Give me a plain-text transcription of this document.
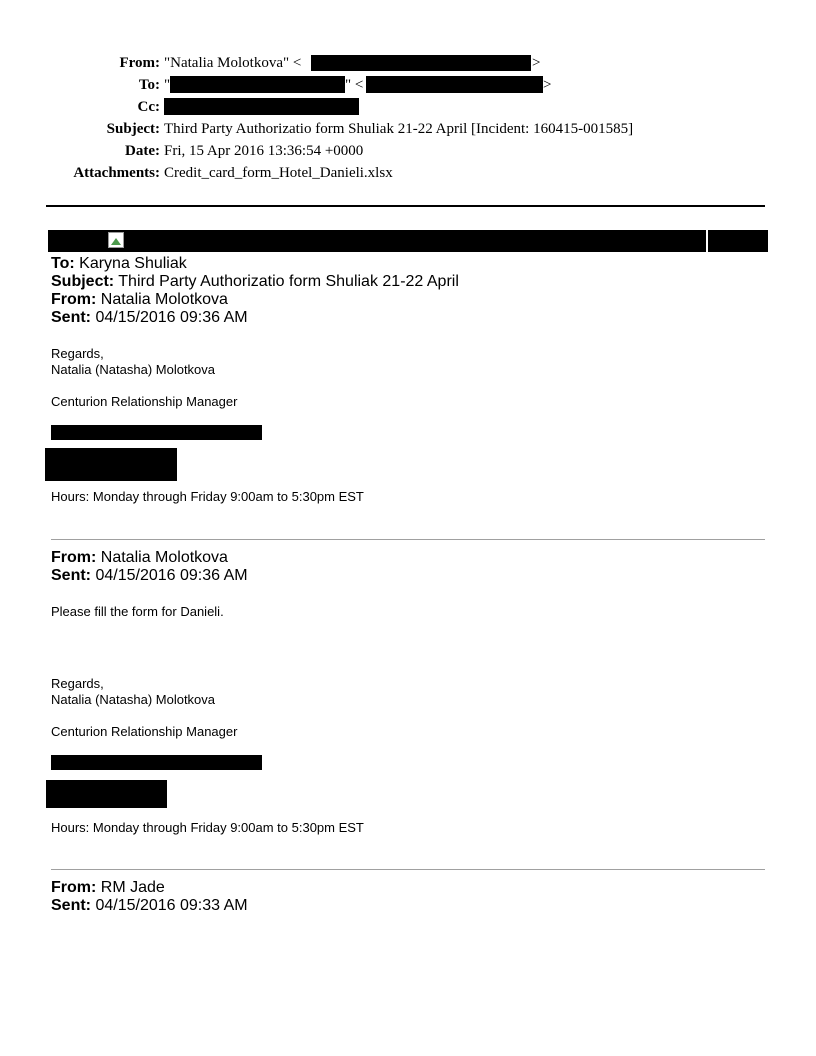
From: "Natalia Molotkova" <	>
To: "	" <	>
Cc:
Subject: Third Party Authorizatio form Shuliak 21-22 April [Incident: 160415-001585]
Date: Fri, 15 Apr 2016 13:36:54 +0000
Attachments: Credit_card_form_Hotel_Danieli.xlsx
To: Karyna Shuliak
Subject: Third Party Authorizatio form Shuliak 21-22 April
From: Natalia Molotkova
Sent: 04/15/2016 09:36 AM
Regards,
Natalia (Natasha) Molotkova
Centurion Relationship Manager
Hours: Monday through Friday 9:00am to 5:30pm EST
From: Natalia Molotkova
Sent: 04/15/2016 09:36 AM
Please fill the form for Danieli.
Regards,
Natalia (Natasha) Molotkova
Centurion Relationship Manager
Hours: Monday through Friday 9:00am to 5:30pm EST
From: RM Jade
Sent: 04/15/2016 09:33 AM
